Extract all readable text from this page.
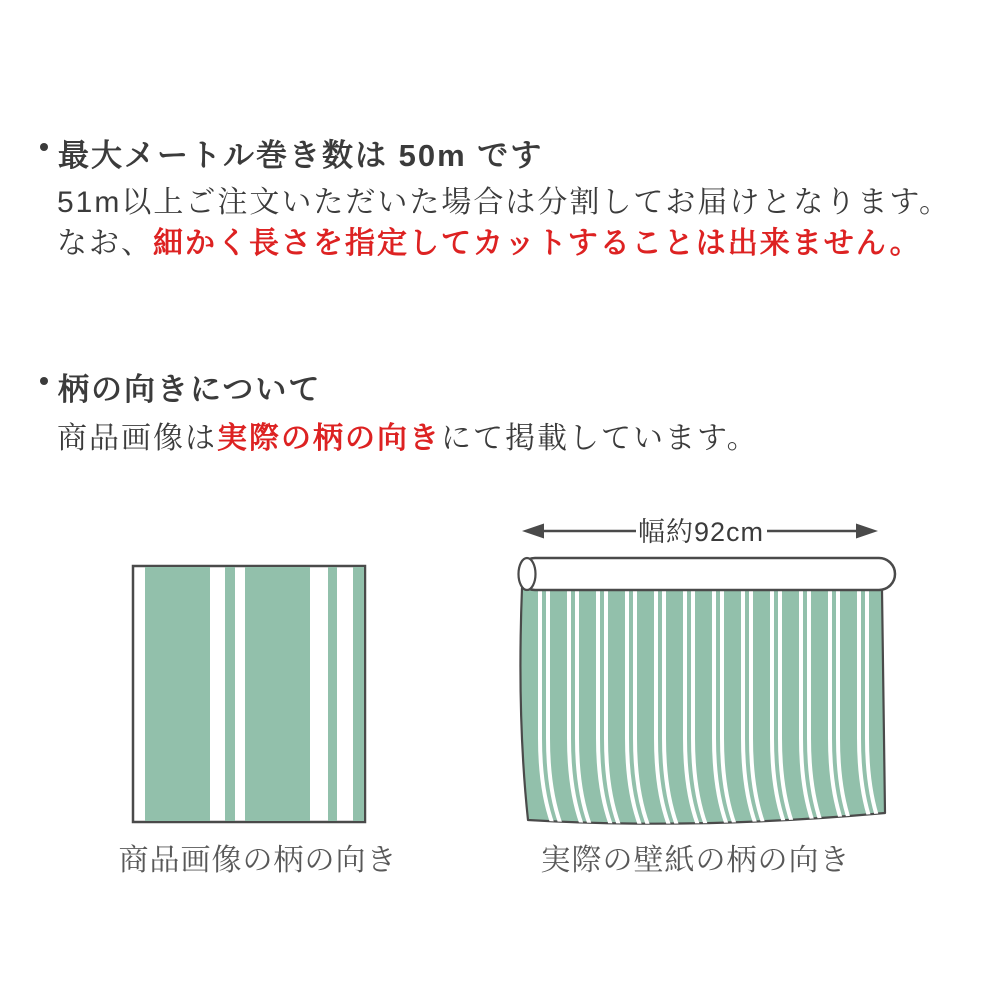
最大メートル巻き数は 50m です
51m以上ご注文いただいた場合は分割してお届けとなります。
なお、細かく長さを指定してカットすることは出来ません。
柄の向きについて
商品画像は実際の柄の向きにて掲載しています。
幅約92cm
商品画像の柄の向き	実際の壁紙の柄の向き
